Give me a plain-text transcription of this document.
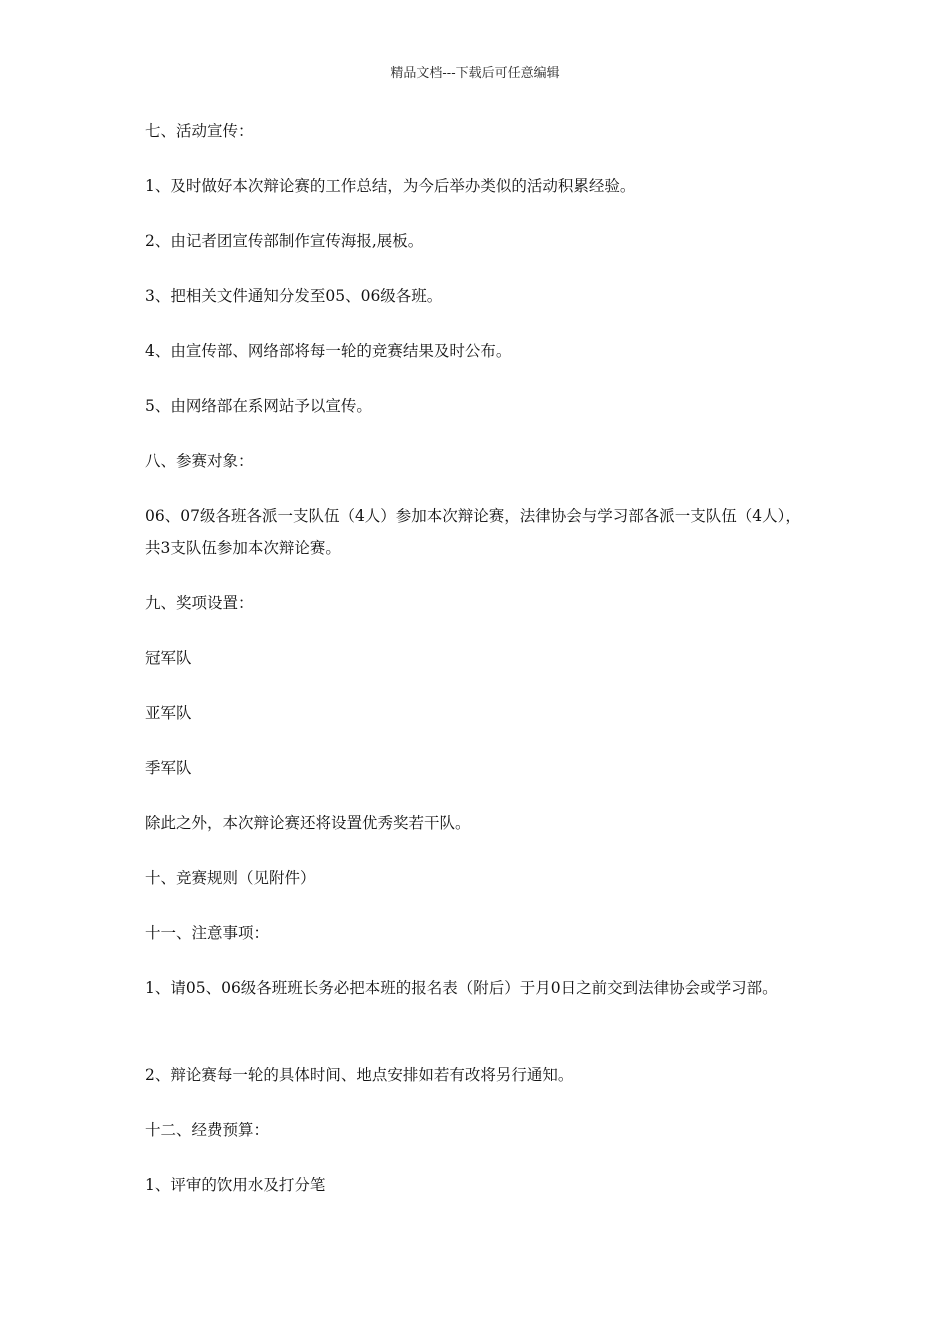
精品文档---下载后可任意编辑

七、活动宣传：

1、及时做好本次辩论赛的工作总结，为今后举办类似的活动积累经验。

2、由记者团宣传部制作宣传海报,展板。

3、把相关文件通知分发至05、06级各班。

4、由宣传部、网络部将每一轮的竞赛结果及时公布。

5、由网络部在系网站予以宣传。

八、参赛对象：

06、07级各班各派一支队伍（4人）参加本次辩论赛，法律协会与学习部各派一支队伍（4人），共3支队伍参加本次辩论赛。

九、奖项设置：

冠军队

亚军队

季军队

除此之外，本次辩论赛还将设置优秀奖若干队。

十、竞赛规则（见附件）

十一、注意事项：

1、请05、06级各班班长务必把本班的报名表（附后）于月0日之前交到法律协会或学习部。

2、辩论赛每一轮的具体时间、地点安排如若有改将另行通知。

十二、经费预算：

1、评审的饮用水及打分笔
